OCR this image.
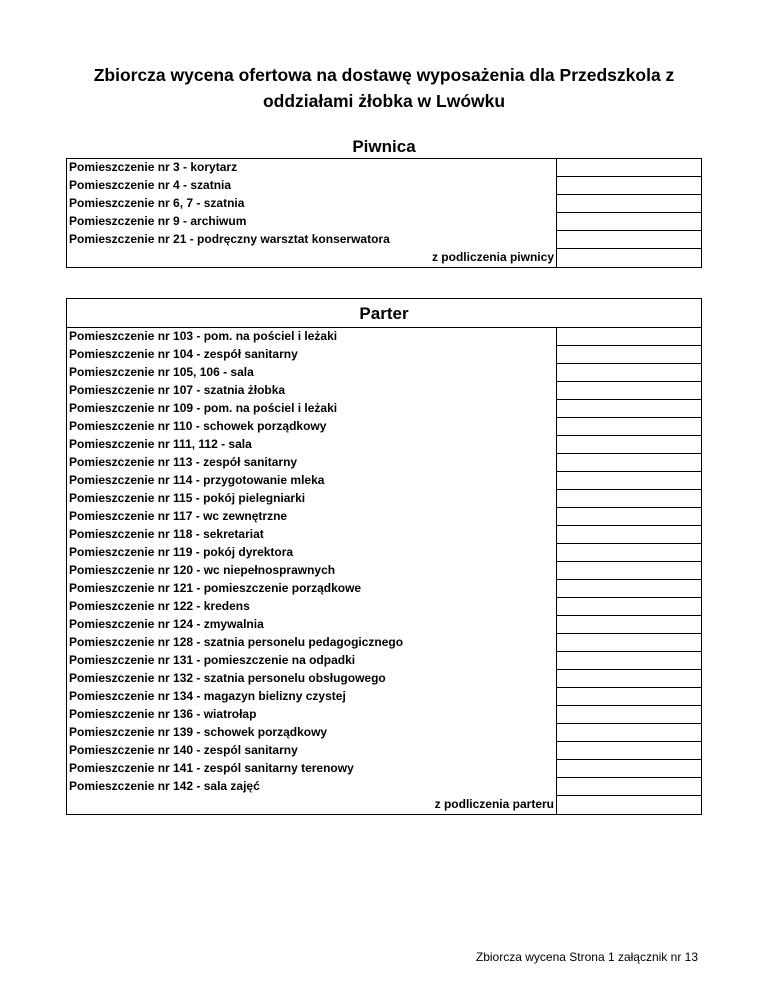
Zbiorcza wycena ofertowa na dostawę wyposażenia dla Przedszkola z
oddziałami żłobka w Lwówku
Piwnica
Pomieszczenie nr 3 - korytarz	
Pomieszczenie nr 4 - szatnia	
Pomieszczenie nr 6, 7 - szatnia	
Pomieszczenie nr 9 - archiwum	
Pomieszczenie nr 21 - podręczny warsztat konserwatora	
z podliczenia piwnicy	
Parter
Pomieszczenie nr 103 - pom. na pościel i leżaki	
Pomieszczenie nr 104 - zespół sanitarny	
Pomieszczenie nr 105, 106 - sala	
Pomieszczenie nr 107 - szatnia żłobka	
Pomieszczenie nr 109 - pom. na pościel i leżaki	
Pomieszczenie nr 110 - schowek porządkowy	
Pomieszczenie nr 111, 112 - sala	
Pomieszczenie nr 113 - zespół sanitarny	
Pomieszczenie nr 114 - przygotowanie mleka	
Pomieszczenie nr 115 - pokój pielegniarki	
Pomieszczenie nr 117 - wc zewnętrzne	
Pomieszczenie nr 118 - sekretariat	
Pomieszczenie nr 119 - pokój dyrektora	
Pomieszczenie nr 120 - wc niepełnosprawnych	
Pomieszczenie nr 121 - pomieszczenie porządkowe	
Pomieszczenie nr 122 - kredens	
Pomieszczenie nr 124 - zmywalnia	
Pomieszczenie nr 128 - szatnia personelu pedagogicznego	
Pomieszczenie nr 131 - pomieszczenie na odpadki	
Pomieszczenie nr 132 - szatnia personelu obsługowego	
Pomieszczenie nr 134 - magazyn bielizny czystej	
Pomieszczenie nr 136 - wiatrołap	
Pomieszczenie nr 139 - schowek porządkowy	
Pomieszczenie nr 140 - zespól sanitarny	
Pomieszczenie nr 141 - zespól sanitarny terenowy	
Pomieszczenie nr 142 - sala zajęć	
z podliczenia parteru	
Zbiorcza wycena Strona 1 załącznik nr 13
